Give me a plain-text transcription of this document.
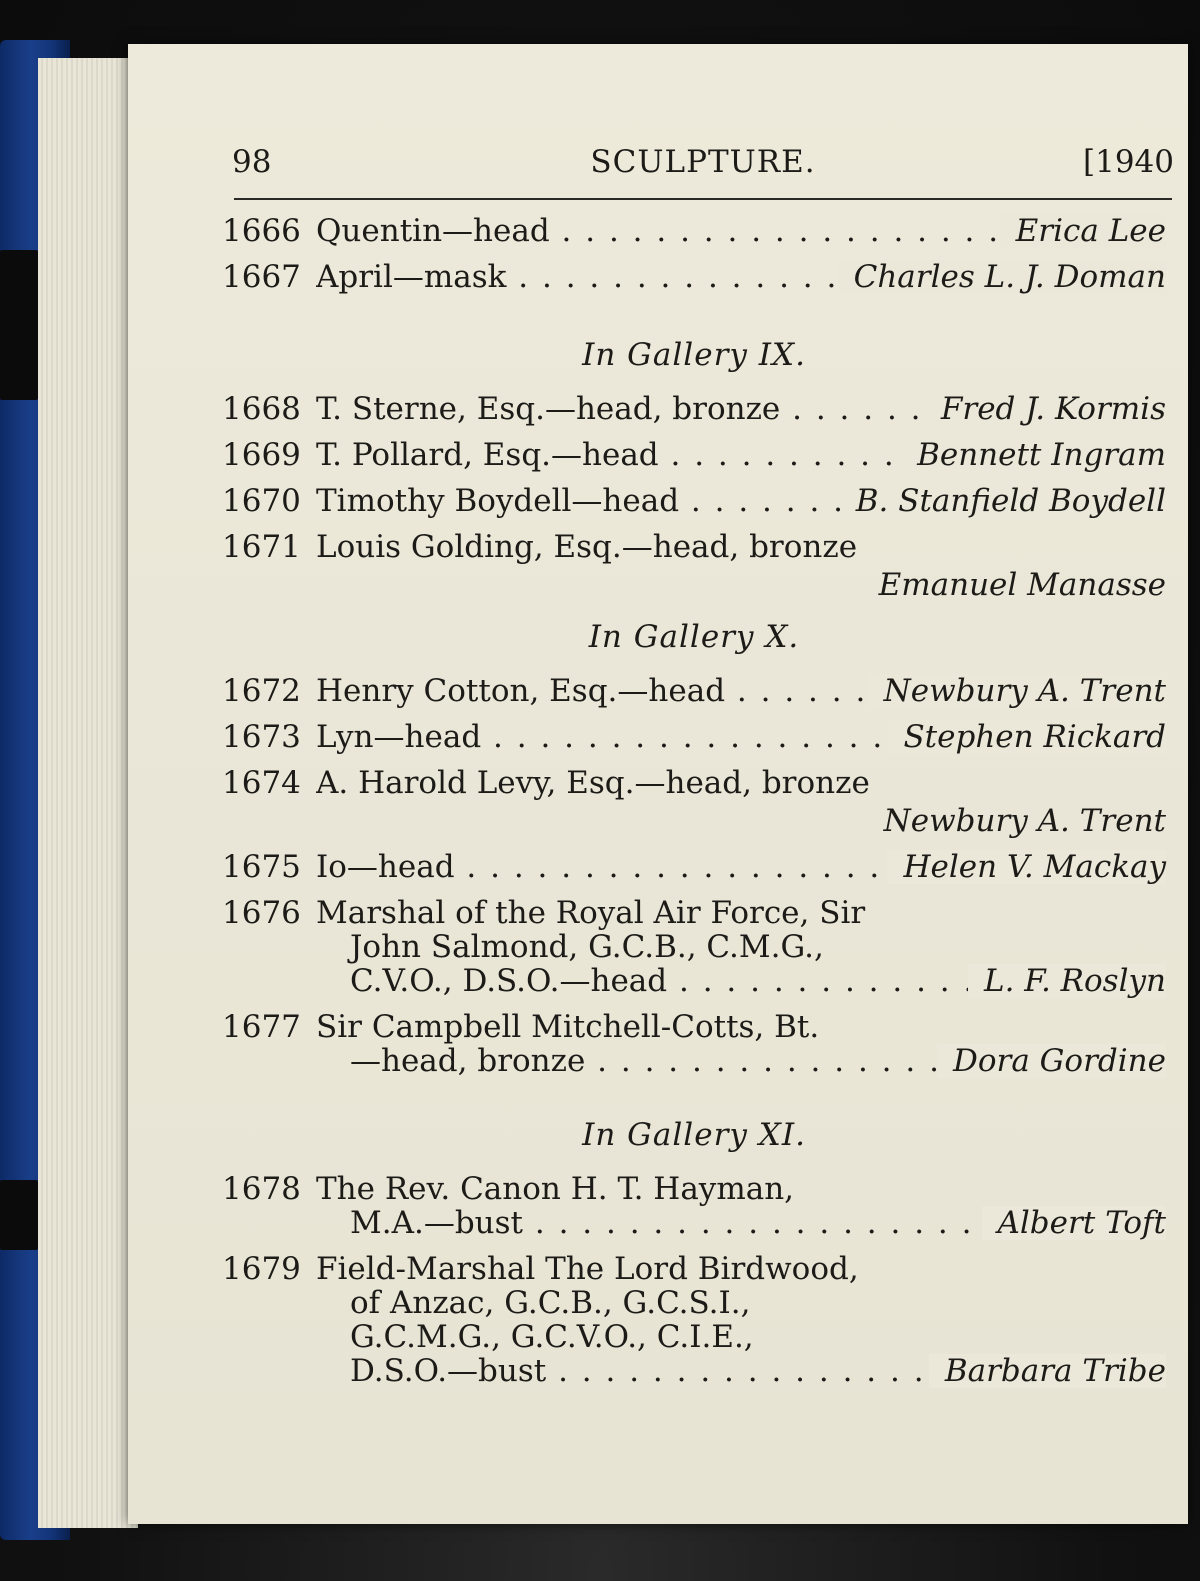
98	SCULPTURE.	[1940
1666 Quentin—head . . .	Erica Lee
1667 April—mask . . .	Charles L. J. Doman
In Gallery IX.
1668 T. Sterne, Esq.—head, bronze . . .	Fred J. Kormis
1669 T. Pollard, Esq.—head . . .	Bennett Ingram
1670 Timothy Boydell—head . . .	B. Stanfield Boydell
1671 Louis Golding, Esq.—head, bronze
Emanuel Manasse
In Gallery X.
1672 Henry Cotton, Esq.—head . . .	Newbury A. Trent
1673 Lyn—head . . .	Stephen Rickard
1674 A. Harold Levy, Esq.—head, bronze
Newbury A. Trent
1675 Io—head . . .	Helen V. Mackay
1676 Marshal of the Royal Air Force, Sir
John Salmond, G.C.B., C.M.G.,
C.V.O., D.S.O.—head . . .	L. F. Roslyn
1677 Sir Campbell Mitchell-Cotts, Bt.
—head, bronze . . .	Dora Gordine
In Gallery XI.
1678 The Rev. Canon H. T. Hayman,
M.A.—bust . . .	Albert Toft
1679 Field-Marshal The Lord Birdwood,
of Anzac, G.C.B., G.C.S.I.,
G.C.M.G., G.C.V.O., C.I.E.,
D.S.O.—bust . . .	Barbara Tribe
